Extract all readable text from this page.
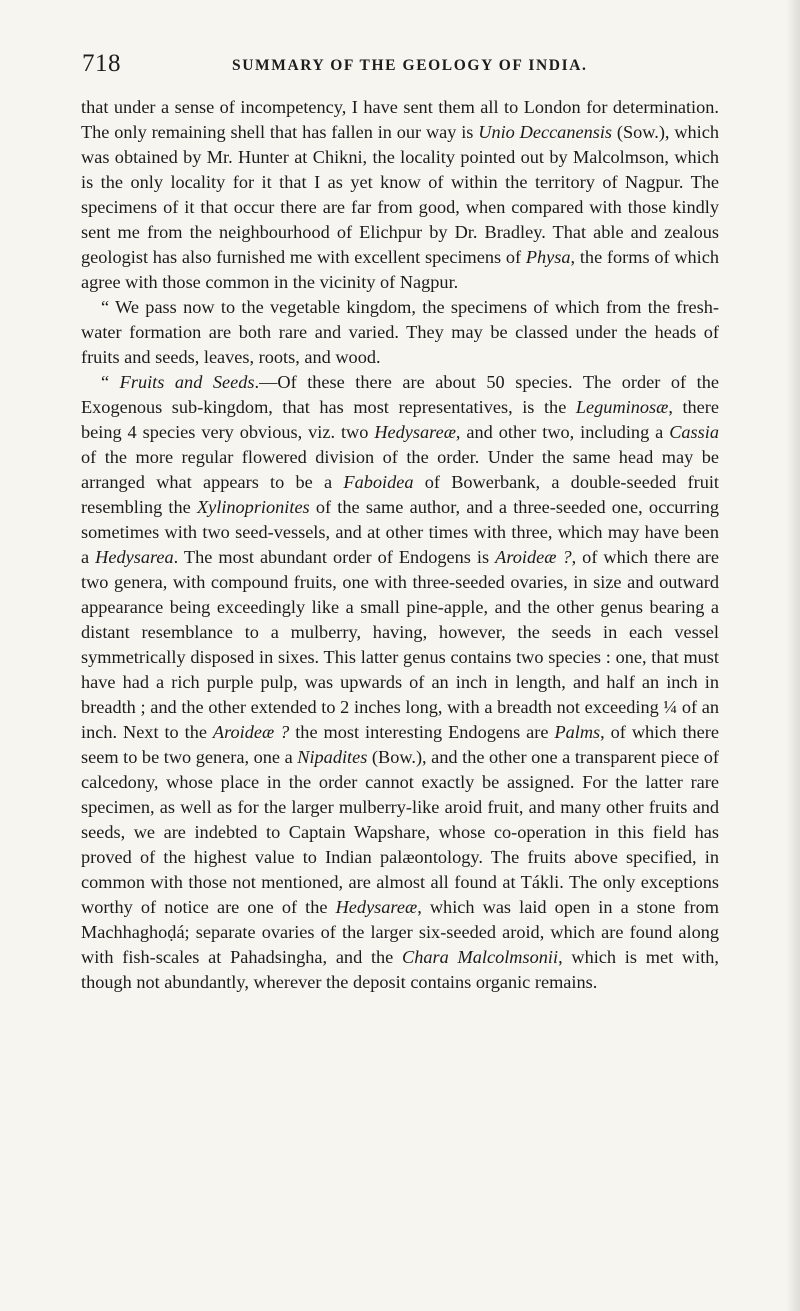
718	SUMMARY OF THE GEOLOGY OF INDIA.

that under a sense of incompetency, I have sent them all to London for determination. The only remaining shell that has fallen in our way is Unio Deccanensis (Sow.), which was obtained by Mr. Hunter at Chikni, the locality pointed out by Malcolmson, which is the only locality for it that I as yet know of within the territory of Nagpur. The specimens of it that occur there are far from good, when compared with those kindly sent me from the neighbourhood of Elichpur by Dr. Bradley. That able and zealous geologist has also furnished me with excellent specimens of Physa, the forms of which agree with those common in the vicinity of Nagpur.

“ We pass now to the vegetable kingdom, the specimens of which from the fresh-water formation are both rare and varied. They may be classed under the heads of fruits and seeds, leaves, roots, and wood.

“ Fruits and Seeds.—Of these there are about 50 species. The order of the Exogenous sub-kingdom, that has most representatives, is the Leguminosæ, there being 4 species very obvious, viz. two Hedysareæ, and other two, including a Cassia of the more regular flowered division of the order. Under the same head may be arranged what appears to be a Faboidea of Bowerbank, a double-seeded fruit resembling the Xylinoprionites of the same author, and a three-seeded one, occurring sometimes with two seed-vessels, and at other times with three, which may have been a Hedysarea. The most abundant order of Endogens is Aroideæ ?, of which there are two genera, with compound fruits, one with three-seeded ovaries, in size and outward appearance being exceedingly like a small pine-apple, and the other genus bearing a distant resemblance to a mulberry, having, however, the seeds in each vessel symmetrically disposed in sixes. This latter genus contains two species : one, that must have had a rich purple pulp, was upwards of an inch in length, and half an inch in breadth ; and the other extended to 2 inches long, with a breadth not exceeding ¼ of an inch. Next to the Aroideæ ? the most interesting Endogens are Palms, of which there seem to be two genera, one a Nipadites (Bow.), and the other one a transparent piece of calcedony, whose place in the order cannot exactly be assigned. For the latter rare specimen, as well as for the larger mulberry-like aroid fruit, and many other fruits and seeds, we are indebted to Captain Wapshare, whose co-operation in this field has proved of the highest value to Indian palæontology. The fruits above specified, in common with those not mentioned, are almost all found at Tákli. The only exceptions worthy of notice are one of the Hedysareæ, which was laid open in a stone from Machhaghoḍá; separate ovaries of the larger six-seeded aroid, which are found along with fish-scales at Pahadsingha, and the Chara Malcolmsonii, which is met with, though not abundantly, wherever the deposit contains organic remains.
